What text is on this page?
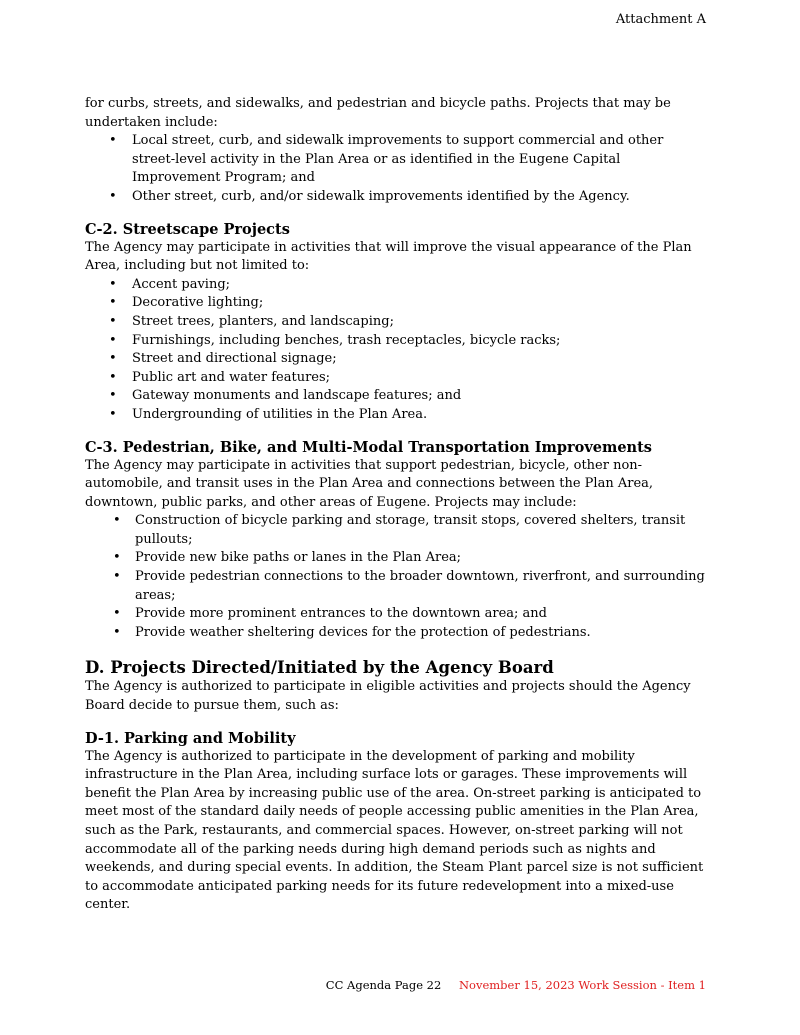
Attachment A

for curbs, streets, and sidewalks, and pedestrian and bicycle paths. Projects that may be undertaken include:

• Local street, curb, and sidewalk improvements to support commercial and other street-level activity in the Plan Area or as identified in the Eugene Capital Improvement Program; and
• Other street, curb, and/or sidewalk improvements identified by the Agency.
C-2. Streetscape Projects

The Agency may participate in activities that will improve the visual appearance of the Plan Area, including but not limited to:

• Accent paving;
• Decorative lighting;
• Street trees, planters, and landscaping;
• Furnishings, including benches, trash receptacles, bicycle racks;
• Street and directional signage;
• Public art and water features;
• Gateway monuments and landscape features; and
• Undergrounding of utilities in the Plan Area.
C-3. Pedestrian, Bike, and Multi-Modal Transportation Improvements

The Agency may participate in activities that support pedestrian, bicycle, other non-automobile, and transit uses in the Plan Area and connections between the Plan Area, downtown, public parks, and other areas of Eugene. Projects may include:

• Construction of bicycle parking and storage, transit stops, covered shelters, transit pullouts;
• Provide new bike paths or lanes in the Plan Area;
• Provide pedestrian connections to the broader downtown, riverfront, and surrounding areas;
• Provide more prominent entrances to the downtown area; and
• Provide weather sheltering devices for the protection of pedestrians.
D. Projects Directed/Initiated by the Agency Board

The Agency is authorized to participate in eligible activities and projects should the Agency Board decide to pursue them, such as:

D-1. Parking and Mobility

The Agency is authorized to participate in the development of parking and mobility infrastructure in the Plan Area, including surface lots or garages. These improvements will benefit the Plan Area by increasing public use of the area. On-street parking is anticipated to meet most of the standard daily needs of people accessing public amenities in the Plan Area, such as the Park, restaurants, and commercial spaces. However, on-street parking will not accommodate all of the parking needs during high demand periods such as nights and weekends, and during special events. In addition, the Steam Plant parcel size is not sufficient to accommodate anticipated parking needs for its future redevelopment into a mixed-use center.

CC Agenda Page 22 November 15, 2023 Work Session - Item 1
